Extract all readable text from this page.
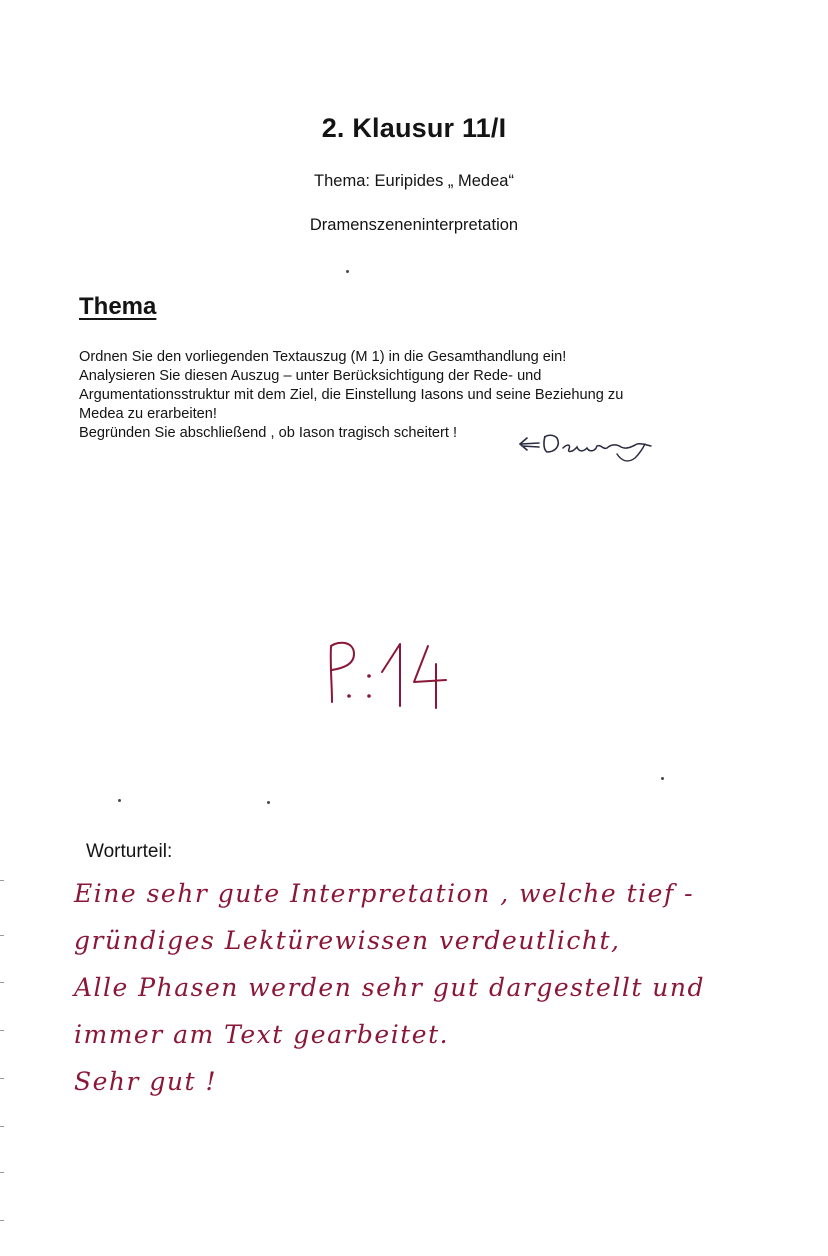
2. Klausur 11/I
Thema: Euripides „ Medea“
Dramenszeneninterpretation
Thema
Ordnen Sie den vorliegenden Textauszug (M 1) in die Gesamthandlung ein!
Analysieren Sie diesen Auszug – unter Berücksichtigung der Rede- und
Argumentationsstruktur mit dem Ziel, die Einstellung Iasons und seine Beziehung zu
Medea zu erarbeiten!
Begründen Sie abschließend , ob Iason tragisch scheitert !
Worturteil:
Eine sehr gute Interpretation , welche tief -
gründiges Lektürewissen verdeutlicht,
Alle Phasen werden sehr gut dargestellt und
immer am Text gearbeitet.
Sehr gut !
